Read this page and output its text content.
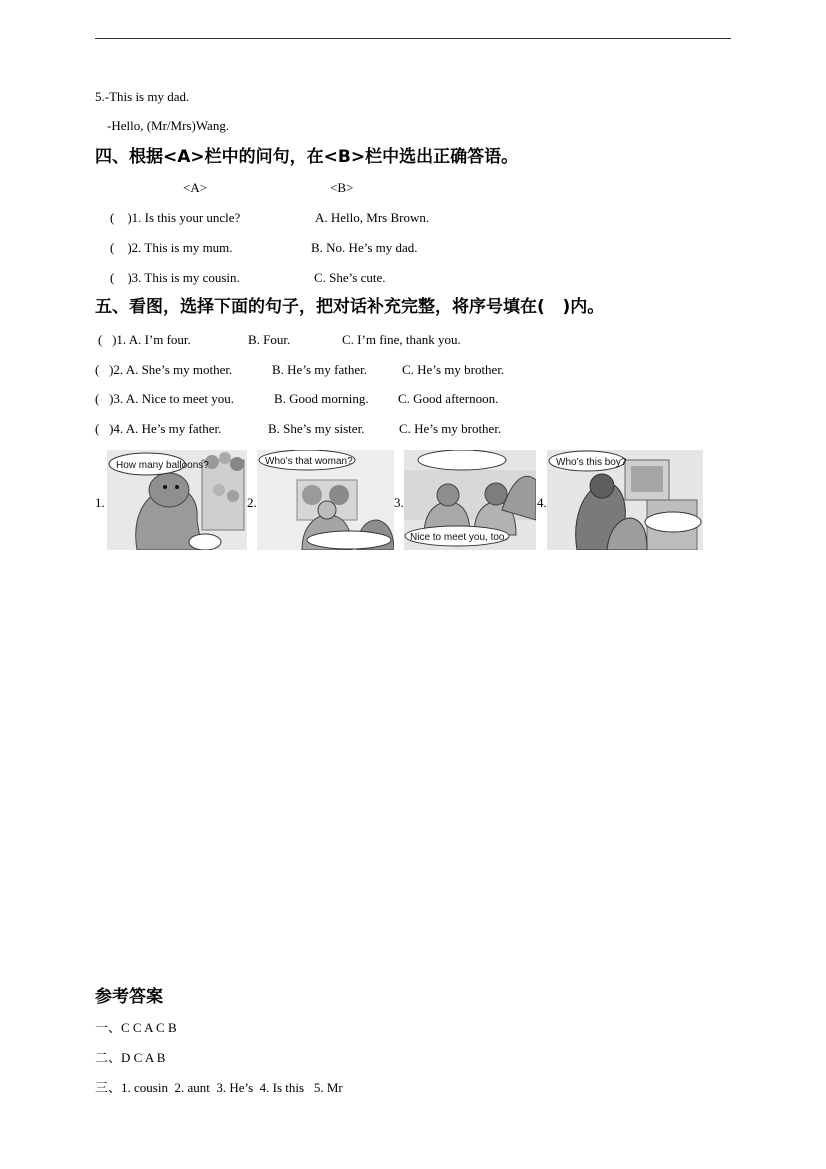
5.-This is my dad.
-Hello, (Mr/Mrs)Wang.
四、根据<A>栏中的问句，在<B>栏中选出正确答语。
<A>	<B>
(    )1. Is this your uncle?	A. Hello, Mrs Brown.
(    )2. This is my mum.	B. No. He’s my dad.
(    )3. This is my cousin.	C. She’s cute.
五、看图，选择下面的句子，把对话补充完整，将序号填在(   )内。
(   )1. A. I’m four.	B. Four.	C. I’m fine, thank you.
(   )2. A. She’s my mother.	B. He’s my father.	C. He’s my brother.
(   )3. A. Nice to meet you.	B. Good morning. C. Good afternoon.
(   )4. A. He’s my father.	B. She’s my sister.	C. He’s my brother.
1.	2.	3.	4.
How many balloons?	Who’s that woman?
Nice to meet you, too.
Who’s this boy?
参考答案
一、C C A C B
二、D C A B
三、1. cousin  2. aunt  3. He’s  4. Is this   5. Mr
